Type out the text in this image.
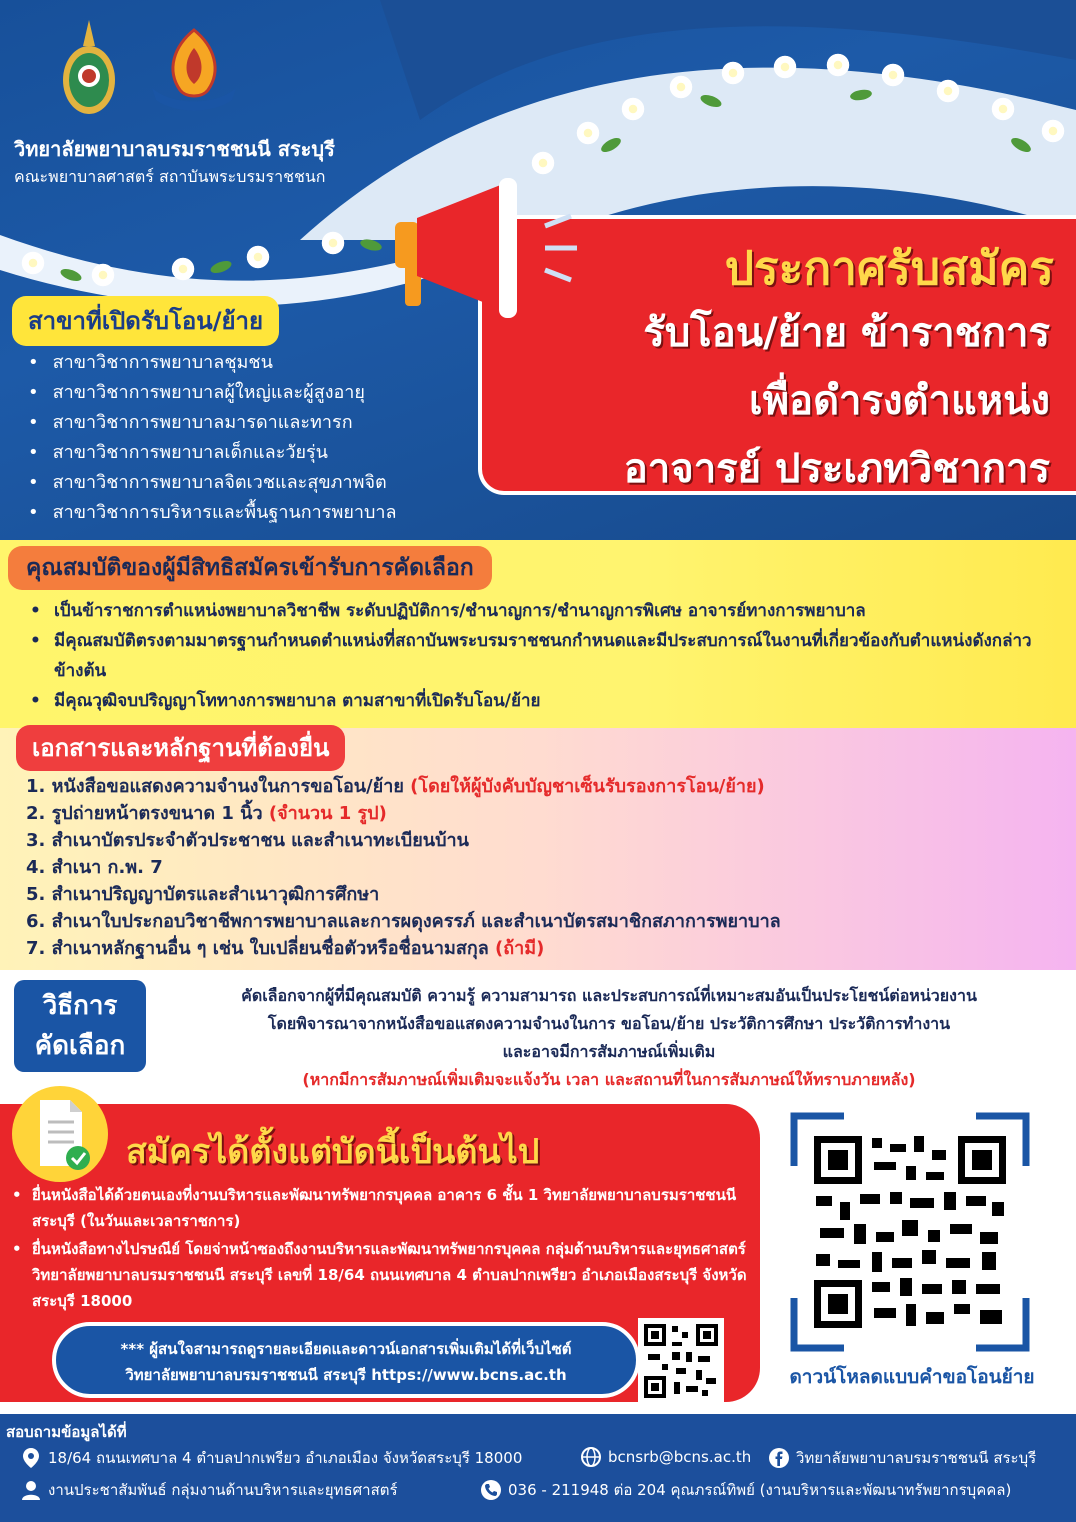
วิทยาลัยพยาบาลบรมราชชนนี สระบุรี
คณะพยาบาลศาสตร์ สถาบันพระบรมราชชนก
ประกาศรับสมัคร
รับโอน/ย้าย ข้าราชการ
เพื่อดำรงตำแหน่ง
อาจารย์ ประเภทวิชาการ
สาขาที่เปิดรับโอน/ย้าย
• สาขาวิชาการพยาบาลชุมชน
• สาขาวิชาการพยาบาลผู้ใหญ่และผู้สูงอายุ
• สาขาวิชาการพยาบาลมารดาและทารก
• สาขาวิชาการพยาบาลเด็กและวัยรุ่น
• สาขาวิชาการพยาบาลจิตเวชและสุขภาพจิต
• สาขาวิชาการบริหารและพื้นฐานการพยาบาล
คุณสมบัติของผู้มีสิทธิสมัครเข้ารับการคัดเลือก
• เป็นข้าราชการตำแหน่งพยาบาลวิชาชีพ ระดับปฏิบัติการ/ชำนาญการ/ชำนาญการพิเศษ อาจารย์ทางการพยาบาล
• มีคุณสมบัติตรงตามมาตรฐานกำหนดตำแหน่งที่สถาบันพระบรมราชชนกกำหนดและมีประสบการณ์ในงานที่เกี่ยวข้องกับตำแหน่งดังกล่าวข้างต้น
• มีคุณวุฒิจบปริญญาโททางการพยาบาล ตามสาขาที่เปิดรับโอน/ย้าย
เอกสารและหลักฐานที่ต้องยื่น
1. หนังสือขอแสดงความจำนงในการขอโอน/ย้าย (โดยให้ผู้บังคับบัญชาเซ็นรับรองการโอน/ย้าย)
2. รูปถ่ายหน้าตรงขนาด 1 นิ้ว (จำนวน 1 รูป)
3. สำเนาบัตรประจำตัวประชาชน และสำเนาทะเบียนบ้าน
4. สำเนา ก.พ. 7
5. สำเนาปริญญาบัตรและสำเนาวุฒิการศึกษา
6. สำเนาใบประกอบวิชาชีพการพยาบาลและการผดุงครรภ์ และสำเนาบัตรสมาชิกสภาการพยาบาล
7. สำเนาหลักฐานอื่น ๆ เช่น ใบเปลี่ยนชื่อตัวหรือชื่อนามสกุล (ถ้ามี)
วิธีการ
คัดเลือก
คัดเลือกจากผู้ที่มีคุณสมบัติ ความรู้ ความสามารถ และประสบการณ์ที่เหมาะสมอันเป็นประโยชน์ต่อหน่วยงาน
โดยพิจารณาจากหนังสือขอแสดงความจำนงในการ ขอโอน/ย้าย ประวัติการศึกษา ประวัติการทำงาน
และอาจมีการสัมภาษณ์เพิ่มเติม
(หากมีการสัมภาษณ์เพิ่มเติมจะแจ้งวัน เวลา และสถานที่ในการสัมภาษณ์ให้ทราบภายหลัง)
สมัครได้ตั้งแต่บัดนี้เป็นต้นไป
• ยื่นหนังสือได้ด้วยตนเองที่งานบริหารและพัฒนาทรัพยากรบุคคล อาคาร 6 ชั้น 1 วิทยาลัยพยาบาลบรมราชชนนี สระบุรี (ในวันและเวลาราชการ)
• ยื่นหนังสือทางไปรษณีย์ โดยจ่าหน้าซองถึงงานบริหารและพัฒนาทรัพยากรบุคคล กลุ่มด้านบริหารและยุทธศาสตร์ วิทยาลัยพยาบาลบรมราชชนนี สระบุรี เลขที่ 18/64 ถนนเทศบาล 4 ตำบลปากเพรียว อำเภอเมืองสระบุรี จังหวัดสระบุรี 18000
*** ผู้สนใจสามารถดูรายละเอียดและดาวน์เอกสารเพิ่มเติมได้ที่เว็บไซต์
วิทยาลัยพยาบาลบรมราชชนนี สระบุรี https://www.bcns.ac.th	ดาวน์โหลดแบบคำขอโอนย้าย
สอบถามข้อมูลได้ที่
18/64 ถนนเทศบาล 4 ตำบลปากเพรียว อำเภอเมือง จังหวัดสระบุรี 18000	bcnsrb@bcns.ac.th	วิทยาลัยพยาบาลบรมราชชนนี สระบุรี
งานประชาสัมพันธ์ กลุ่มงานด้านบริหารและยุทธศาสตร์	036 - 211948 ต่อ 204 คุณภรณ์ทิพย์ (งานบริหารและพัฒนาทรัพยากรบุคคล)
